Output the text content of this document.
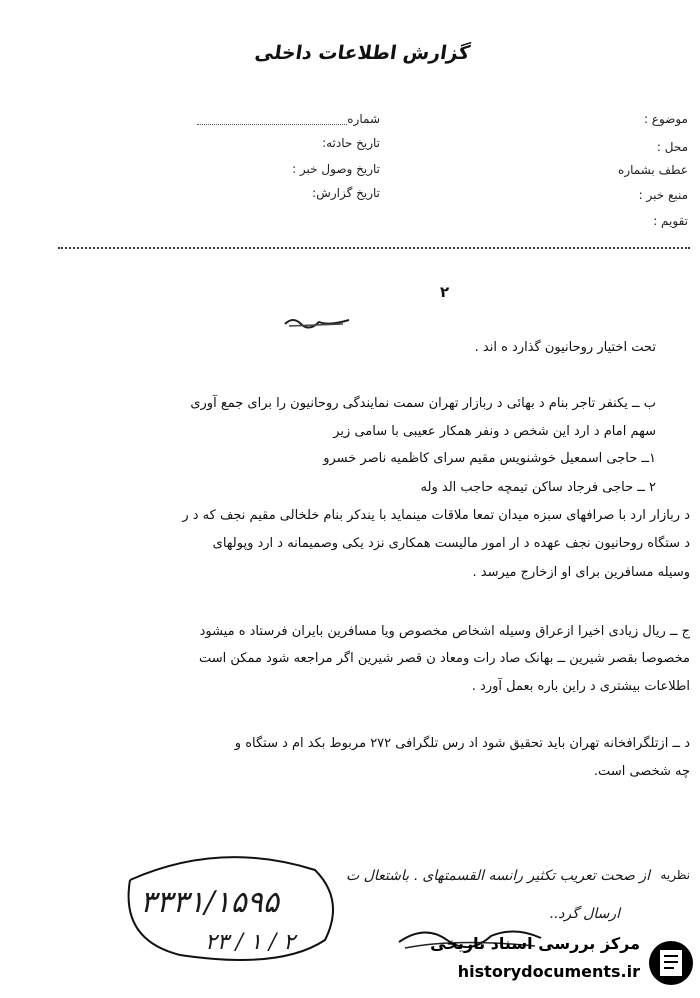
گزارش اطلاعات داخلی
موضوع :
محل :
عطف بشماره
منبع خبر :
تقویم :
شماره
تاریخ حادثه:
تاریخ وصول خبر :
تاریخ گزارش:
۲
تحت اختیار روحانیون گذارد ه اند .
ب ــ یکنفر تاجر بنام د بهائی د ربازار تهران سمت نمایندگی روحانیون را برای جمع آوری
سهم امام د ارد این شخص د ونفر همکار ععیبی با سامی زیر
۱ــ حاجی اسمعیل خوشنویس مقیم سرای کاظمیه ناصر خسرو
۲ ــ حاجی فرجاد ساکن تیمچه حاجب الد وله
د ربازار ارد با صرافهای سبزه میدان تمعا ملاقات مینماید با یندکر بنام خلخالی مقیم نجف که د ر
د ستگاه روحانیون نجف عهده د ار امور مالیست همکاری نزد یکی وصمیمانه د ارد وپولهای
وسیله مسافرین برای او ازخارج میرسد .
ج ــ ریال زیادی اخیرا ازعراق وسیله اشخاص مخصوص ویا مسافرین بایران فرستاد ه میشود
مخصوصا بقصر شیرین ــ بهانک صاد رات ومعاد ن قصر شیرین اگر مراجعه شود ممکن است
اطلاعات بیشتری د راین باره بعمل آورد .
د ــ ازتلگرافخانه تهران باید تحقیق شود اد رس تلگرافی ۲۷۲ مربوط بکد ام د ستگاه و
چه شخصی است.
نظریه
از صحت تعریب تکثیر رانسه القسمتهای . باشتعال ت
ارسال گرد..
۳۳۳۱/۱۵۹۵
۲۳ / ۱ / ۲	مرکز بررسی اسناد تاریخی
historydocuments.ir
